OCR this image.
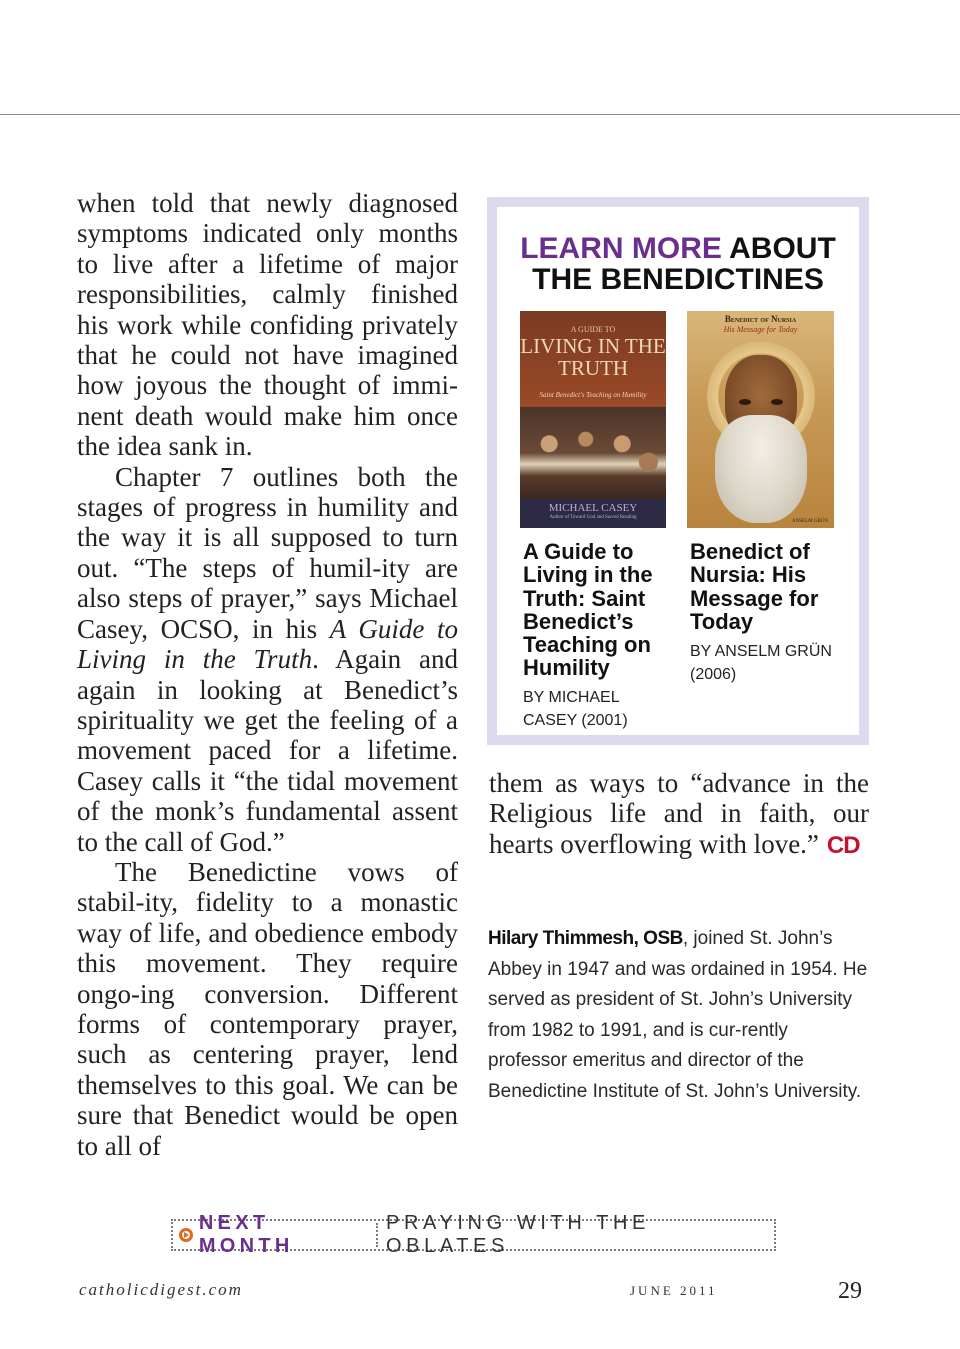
when told that newly diagnosed symptoms indicated only months to live after a lifetime of major responsibilities, calmly finished his work while confiding privately that he could not have imagined how joyous the thought of immi-nent death would make him once the idea sank in.

Chapter 7 outlines both the stages of progress in humility and the way it is all supposed to turn out. “The steps of humil-ity are also steps of prayer,” says Michael Casey, OCSO, in his A Guide to Living in the Truth. Again and again in looking at Benedict’s spirituality we get the feeling of a movement paced for a lifetime. Casey calls it “the tidal movement of the monk’s fundamental assent to the call of God.”

The Benedictine vows of stabil-ity, fidelity to a monastic way of life, and obedience embody this movement. They require ongo-ing conversion. Different forms of contemporary prayer, such as centering prayer, lend themselves to this goal. We can be sure that Benedict would be open to all of

LEARN MORE ABOUT
THE BENEDICTINES
A GUIDE TO
LIVING IN THE
TRUTH
Saint Benedict's Teaching on Humility
MICHAEL CASEY
Author of Toward God and Sacred Reading
Benedict of Nursia
His Message for Today
ANSELM GRÜN
A Guide to Living in the Truth: Saint Benedict’s Teaching on Humility
BY MICHAEL CASEY (2001)
Benedict of Nursia: His Message for Today
BY ANSELM GRÜN (2006)
them as ways to “advance in the Religious life and in faith, our hearts overflowing with love.” CD
Hilary Thimmesh, OSB, joined St. John’s Abbey in 1947 and was ordained in 1954. He served as president of St. John’s University from 1982 to 1991, and is cur-rently professor emeritus and director of the Benedictine Institute of St. John’s University.
NEXT MONTH
PRAYING WITH THE OBLATES
catholicdigest.com	JUNE 2011	29
